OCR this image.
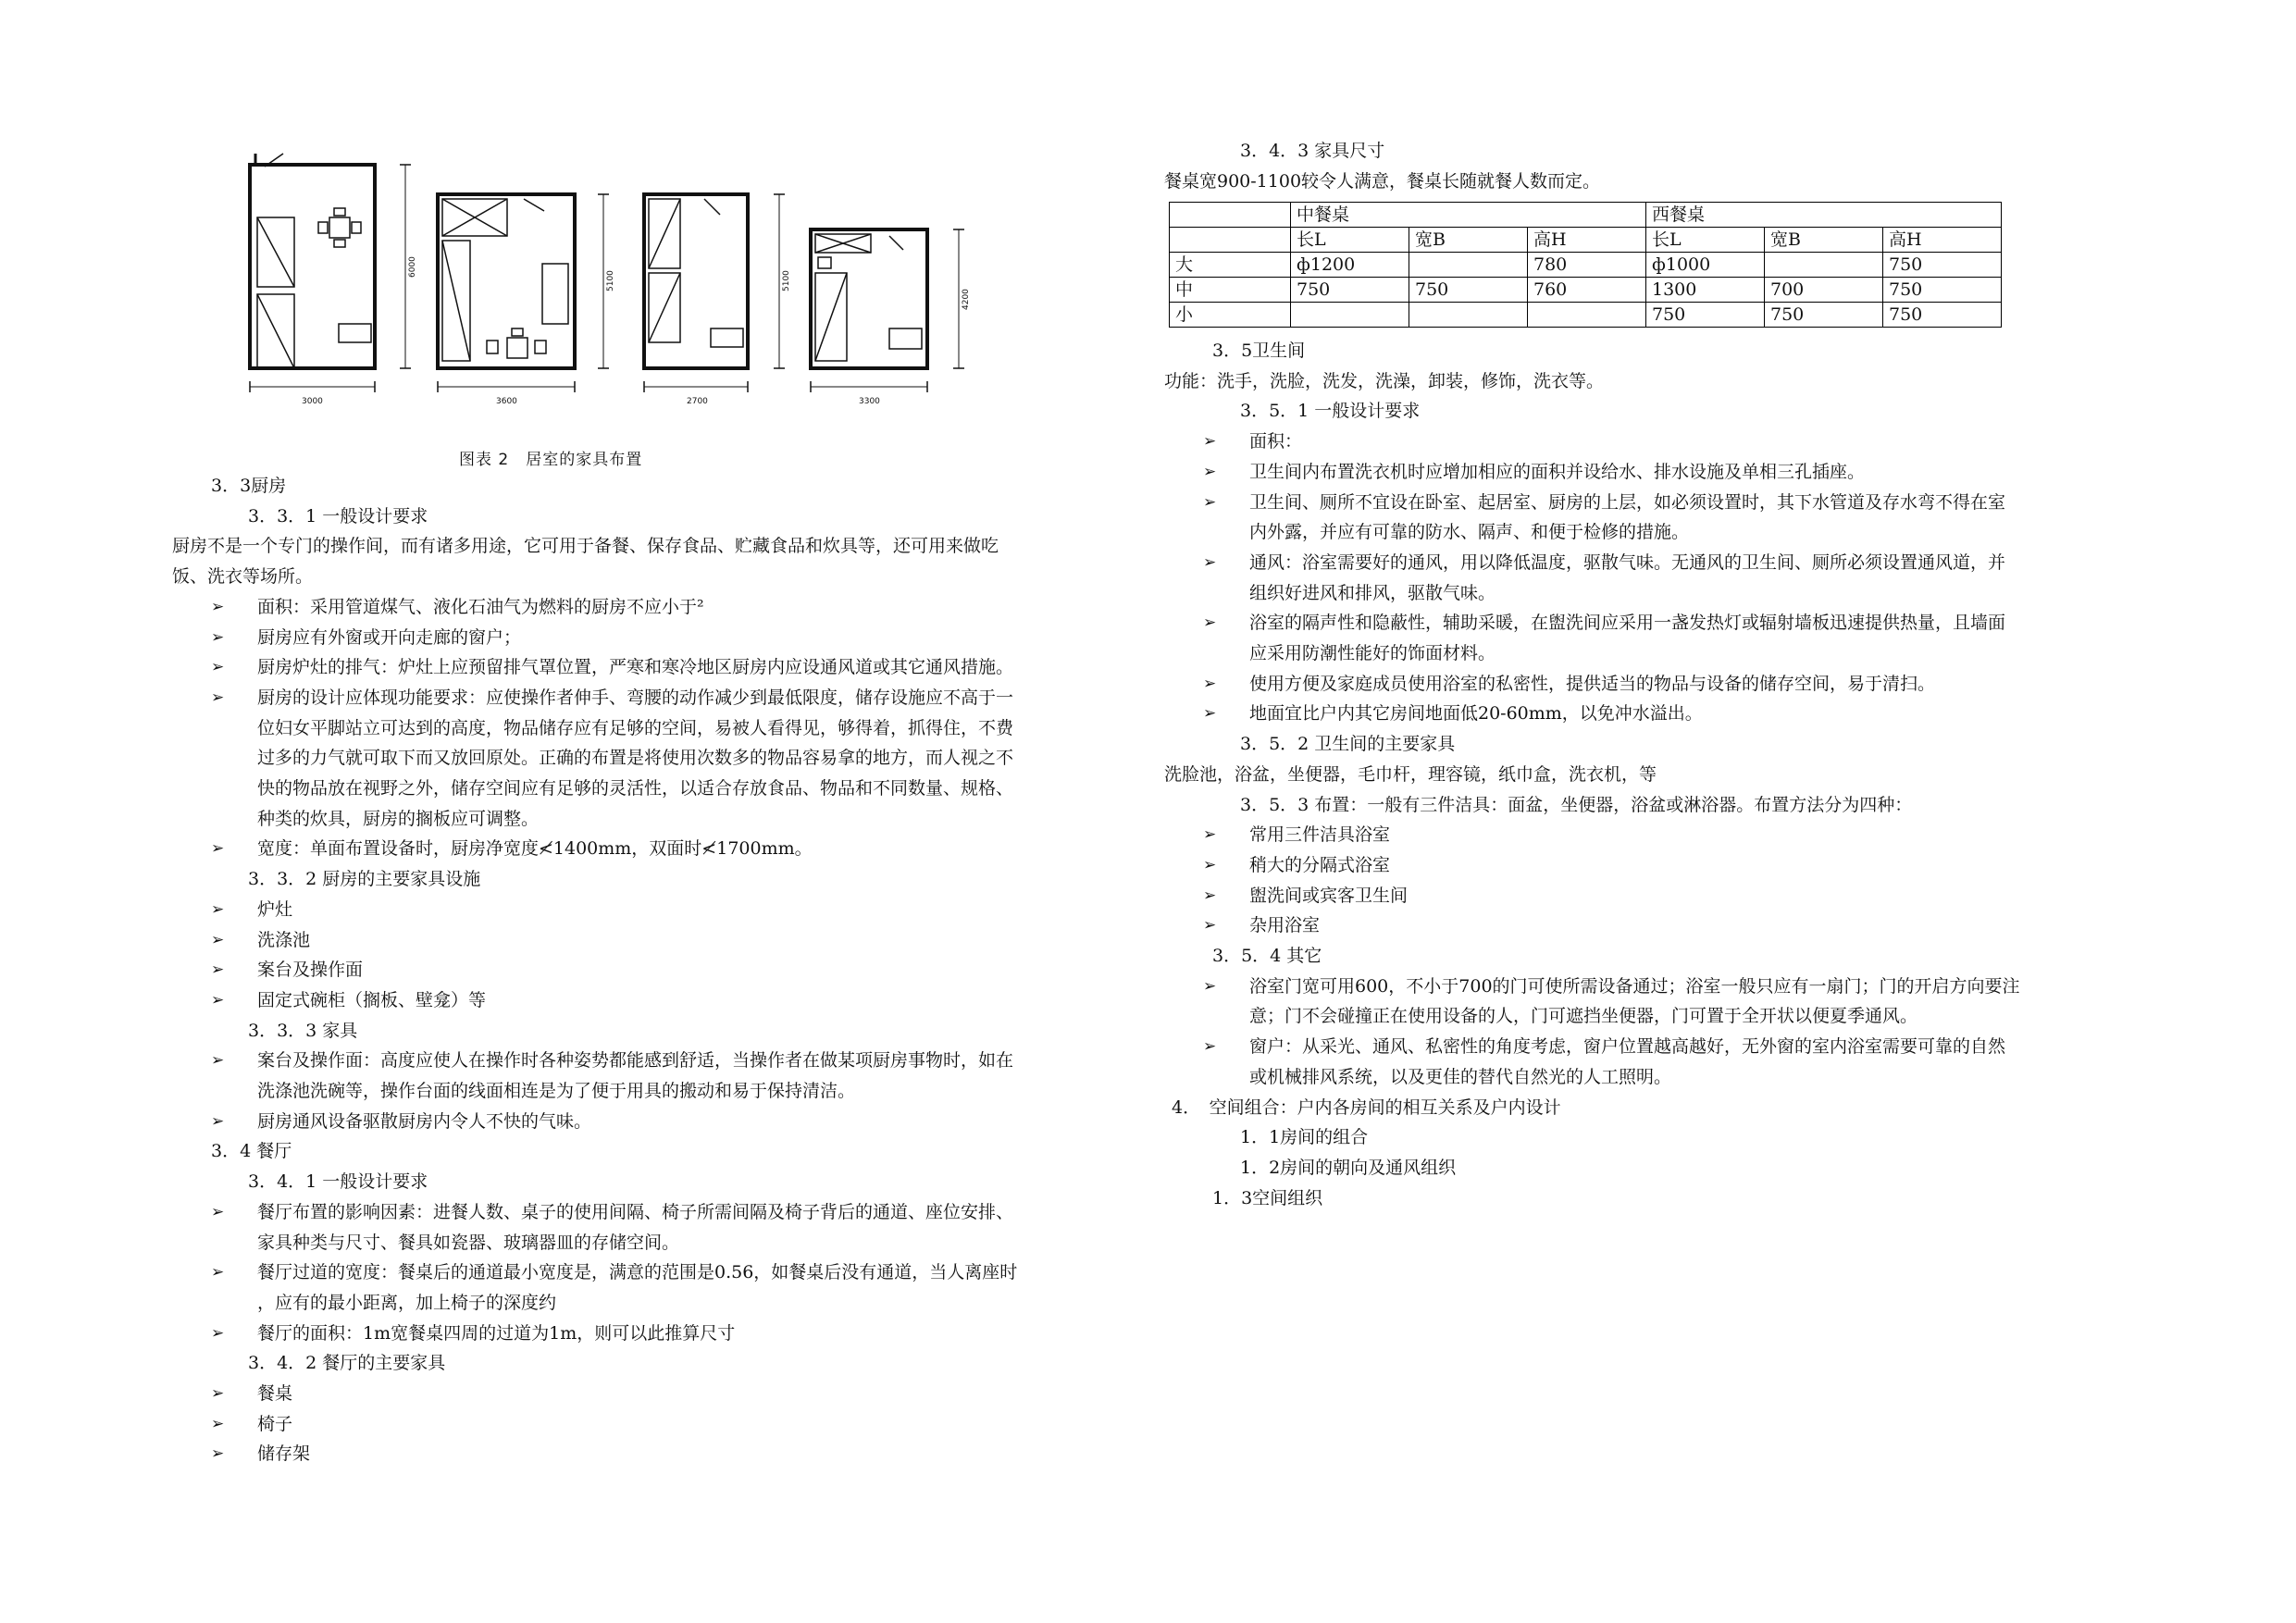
3000	3600	2700	3300
6000
5100	5100
4200
图表 2　居室的家具布置
3．3厨房
3．3．1 一般设计要求
厨房不是一个专门的操作间，而有诸多用途，它可用于备餐、保存食品、贮藏食品和炊具等，还可用来做吃
饭、洗衣等场所。
➢ 面积：采用管道煤气、液化石油气为燃料的厨房不应小于²
➢ 厨房应有外窗或开向走廊的窗户；
➢ 厨房炉灶的排气：炉灶上应预留排气罩位置，严寒和寒冷地区厨房内应设通风道或其它通风措施。
➢ 厨房的设计应体现功能要求：应使操作者伸手、弯腰的动作减少到最低限度，储存设施应不高于一
位妇女平脚站立可达到的高度，物品储存应有足够的空间，易被人看得见，够得着，抓得住，不费
过多的力气就可取下而又放回原处。正确的布置是将使用次数多的物品容易拿的地方，而人视之不
快的物品放在视野之外，储存空间应有足够的灵活性，以适合存放食品、物品和不同数量、规格、
种类的炊具，厨房的搁板应可调整。
➢ 宽度：单面布置设备时，厨房净宽度≮1400mm，双面时≮1700mm。
3．3．2 厨房的主要家具设施
➢ 炉灶
➢ 洗涤池
➢ 案台及操作面
➢ 固定式碗柜（搁板、壁龛）等
3．3．3 家具
➢ 案台及操作面：高度应使人在操作时各种姿势都能感到舒适，当操作者在做某项厨房事物时，如在
洗涤池洗碗等，操作台面的线面相连是为了便于用具的搬动和易于保持清洁。
➢ 厨房通风设备驱散厨房内令人不快的气味。
3．4 餐厅
3．4．1 一般设计要求
➢ 餐厅布置的影响因素：进餐人数、桌子的使用间隔、椅子所需间隔及椅子背后的通道、座位安排、
家具种类与尺寸、餐具如瓷器、玻璃器皿的存储空间。
➢ 餐厅过道的宽度：餐桌后的通道最小宽度是，满意的范围是0.56，如餐桌后没有通道，当人离座时
，应有的最小距离，加上椅子的深度约
➢ 餐厅的面积：1m宽餐桌四周的过道为1m，则可以此推算尺寸
3．4．2 餐厅的主要家具
➢ 餐桌
➢ 椅子
➢ 储存架
3．4．3 家具尺寸
餐桌宽900-1100较令人满意，餐桌长随就餐人数而定。
	中餐桌			西餐桌		
	长L	宽B	高H	长L	宽B	高H
大	ф1200		780	ф1000		750
中	750	750	760	1300	700	750
小				750	750	750
3．5卫生间
功能：洗手，洗脸，洗发，洗澡，卸装，修饰，洗衣等。
3．5．1 一般设计要求
➢ 面积：
➢ 卫生间内布置洗衣机时应增加相应的面积并设给水、排水设施及单相三孔插座。
➢ 卫生间、厕所不宜设在卧室、起居室、厨房的上层，如必须设置时，其下水管道及存水弯不得在室
内外露，并应有可靠的防水、隔声、和便于检修的措施。
➢ 通风：浴室需要好的通风，用以降低温度，驱散气味。无通风的卫生间、厕所必须设置通风道，并
组织好进风和排风，驱散气味。
➢ 浴室的隔声性和隐蔽性，辅助采暖，在盥洗间应采用一盏发热灯或辐射墙板迅速提供热量，且墙面
应采用防潮性能好的饰面材料。
➢ 使用方便及家庭成员使用浴室的私密性，提供适当的物品与设备的储存空间，易于清扫。
➢ 地面宜比户内其它房间地面低20-60mm，以免冲水溢出。
3．5．2 卫生间的主要家具
洗脸池，浴盆，坐便器，毛巾杆，理容镜，纸巾盒，洗衣机，等
3．5．3 布置：一般有三件洁具：面盆，坐便器，浴盆或淋浴器。布置方法分为四种：
➢ 常用三件洁具浴室
➢ 稍大的分隔式浴室
➢ 盥洗间或宾客卫生间
➢ 杂用浴室
3．5．4 其它
➢ 浴室门宽可用600，不小于700的门可使所需设备通过；浴室一般只应有一扇门；门的开启方向要注
意；门不会碰撞正在使用设备的人，门可遮挡坐便器，门可置于全开状以便夏季通风。
➢ 窗户：从采光、通风、私密性的角度考虑，窗户位置越高越好，无外窗的室内浴室需要可靠的自然
或机械排风系统，以及更佳的替代自然光的人工照明。
4．　空间组合：户内各房间的相互关系及户内设计
1．1房间的组合
1．2房间的朝向及通风组织
1．3空间组织
